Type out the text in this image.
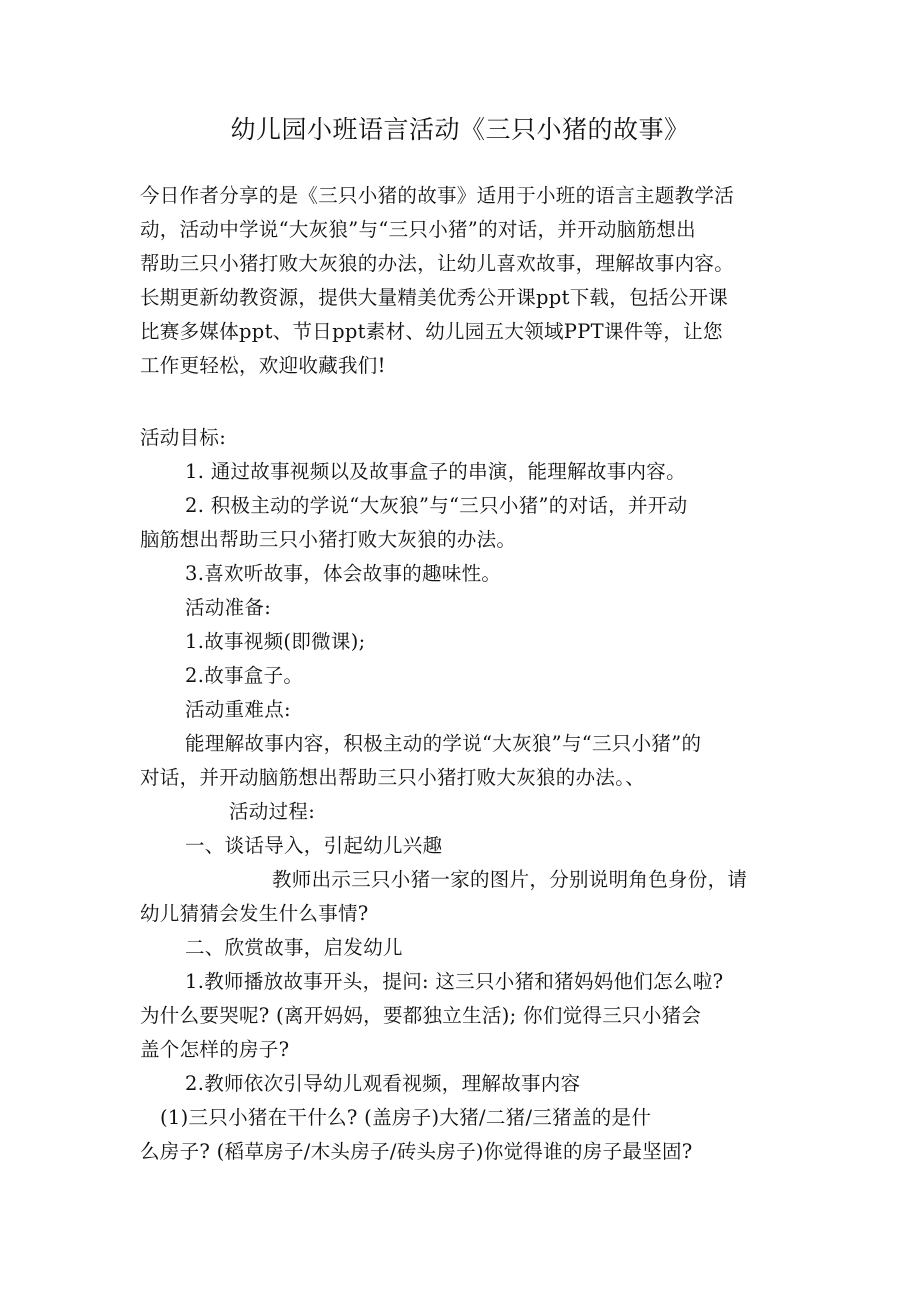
幼儿园小班语言活动《三只小猪的故事》
今日作者分享的是《三只小猪的故事》适用于小班的语言主题教学活
动，活动中学说“大灰狼”与“三只小猪”的对话，并开动脑筋想出
帮助三只小猪打败大灰狼的办法，让幼儿喜欢故事，理解故事内容。
长期更新幼教资源，提供大量精美优秀公开课ppt下载，包括公开课
比赛多媒体ppt、节日ppt素材、幼儿园五大领域PPT课件等，让您
工作更轻松，欢迎收藏我们!
活动目标:
1. 通过故事视频以及故事盒子的串演，能理解故事内容。
2. 积极主动的学说“大灰狼”与“三只小猪”的对话，并开动
脑筋想出帮助三只小猪打败大灰狼的办法。
3.喜欢听故事，体会故事的趣味性。
活动准备:
1.故事视频(即微课);
2.故事盒子。
活动重难点:
能理解故事内容，积极主动的学说“大灰狼”与“三只小猪”的
对话，并开动脑筋想出帮助三只小猪打败大灰狼的办法。、
活动过程:
一、谈话导入，引起幼儿兴趣
教师出示三只小猪一家的图片，分别说明角色身份，请
幼儿猜猜会发生什么事情?
二、欣赏故事，启发幼儿
1.教师播放故事开头，提问: 这三只小猪和猪妈妈他们怎么啦?
为什么要哭呢? (离开妈妈，要都独立生活); 你们觉得三只小猪会
盖个怎样的房子?
2.教师依次引导幼儿观看视频，理解故事内容
(1)三只小猪在干什么? (盖房子)大猪/二猪/三猪盖的是什
么房子? (稻草房子/木头房子/砖头房子)你觉得谁的房子最坚固?
